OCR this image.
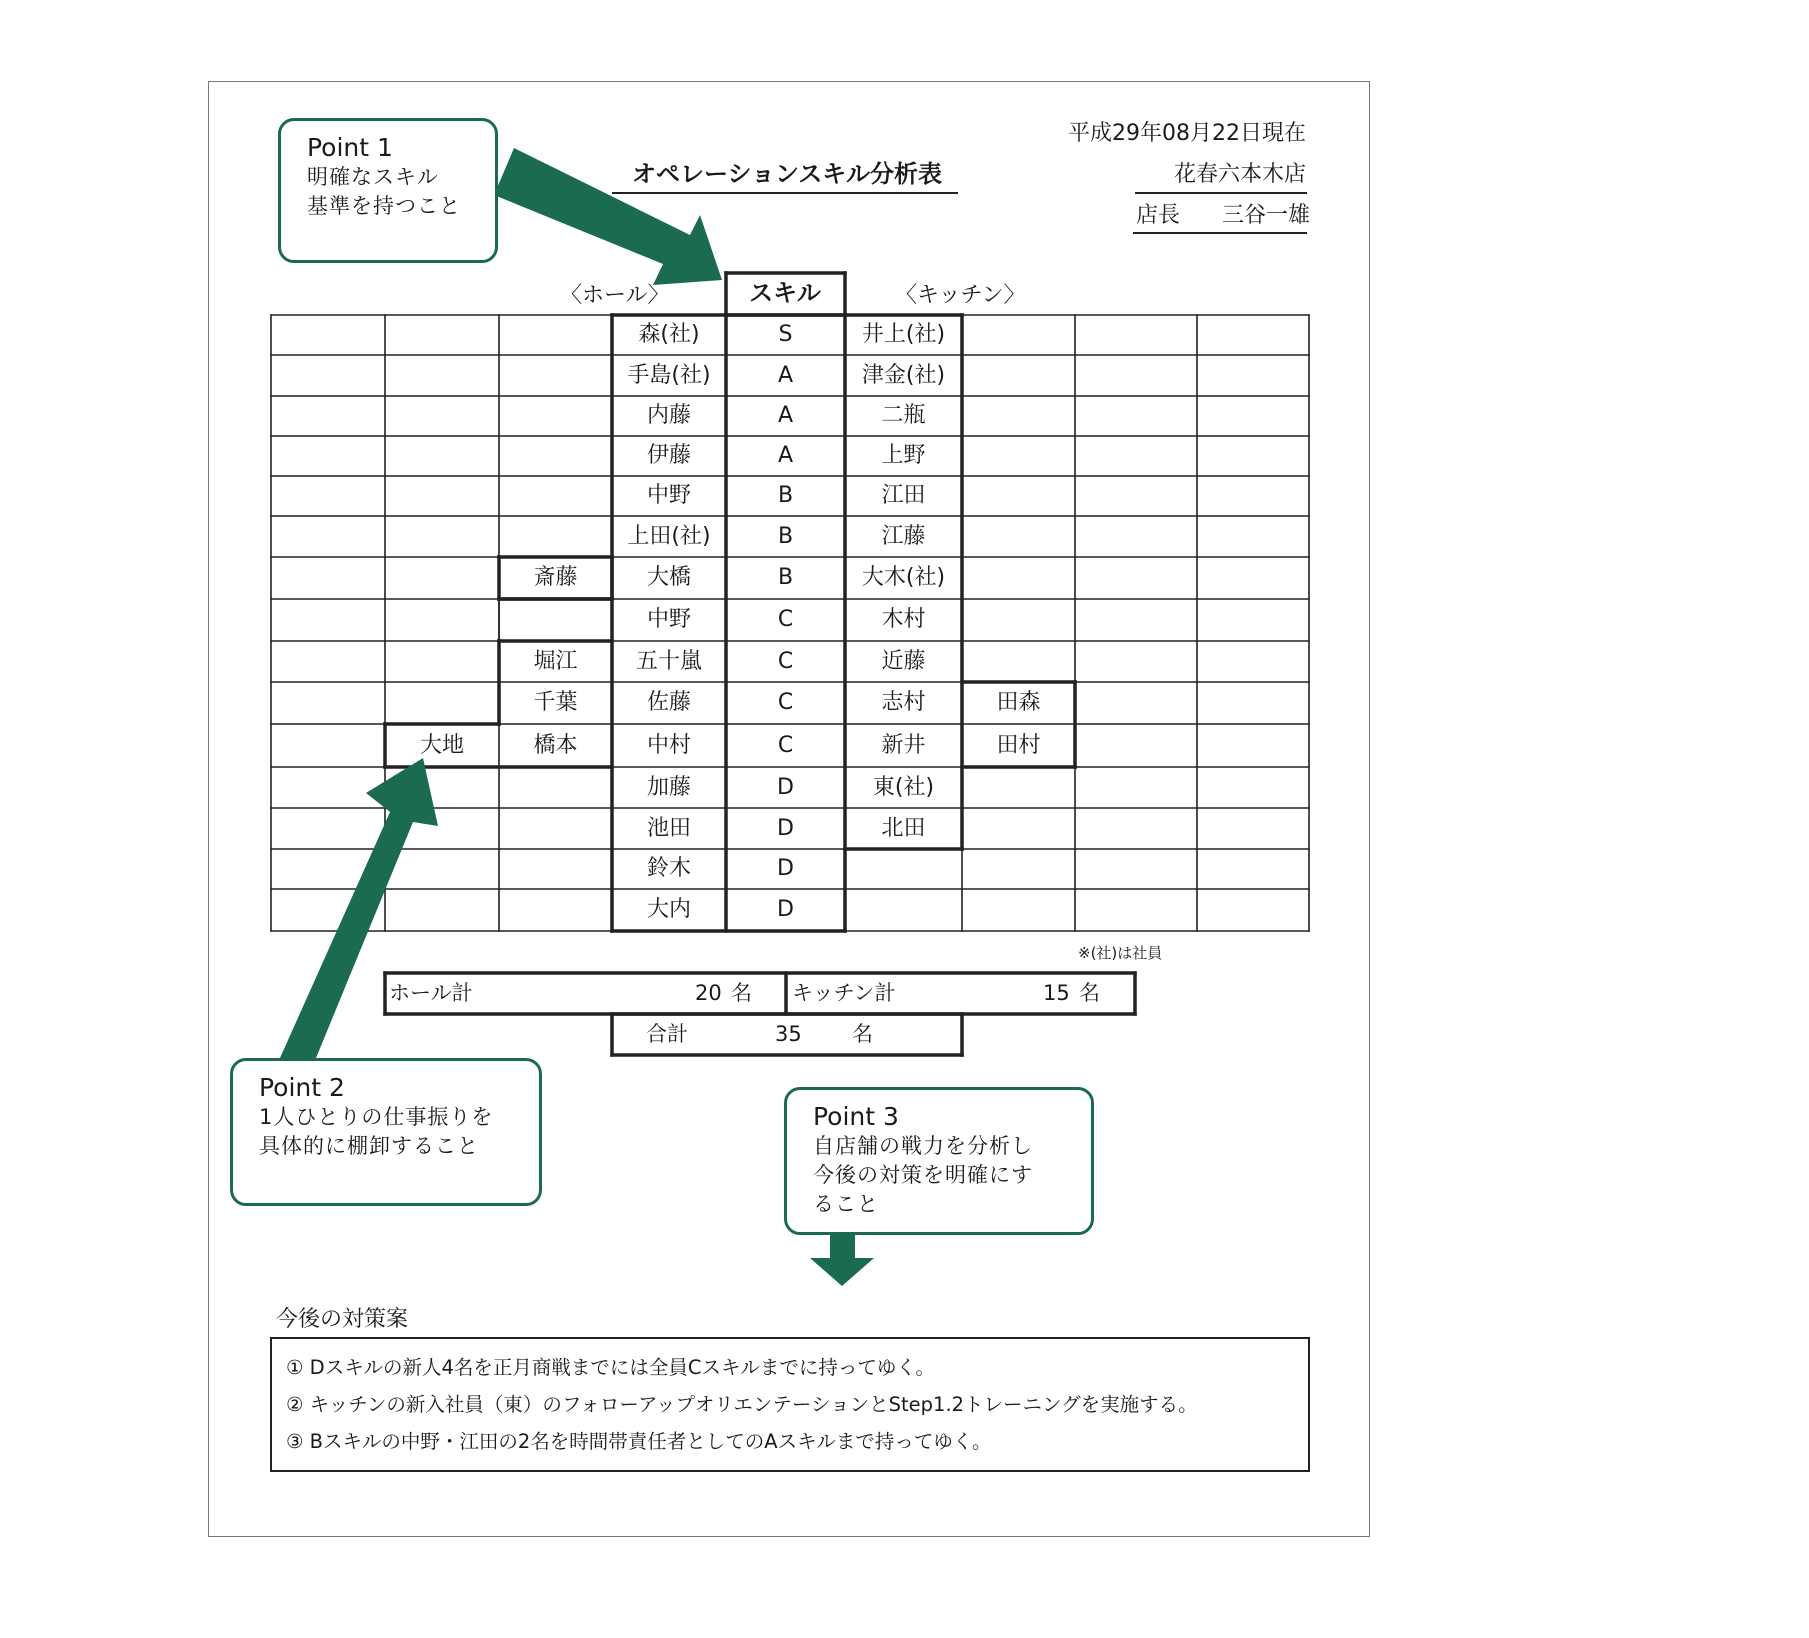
平成29年08月22日現在
花春六本木店
店長 三谷一雄
オペレーションスキル分析表
〈ホール〉	〈キッチン〉
スキル
森(社)	S	井上(社)
手島(社)	A	津金(社)
内藤	A	二瓶
伊藤	A	上野
中野	B	江田
上田(社)	B	江藤
斎藤	大橋	B	大木(社)
中野	C	木村
堀江	五十嵐	C	近藤
千葉	佐藤	C	志村	田森
大地	橋本	中村	C	新井	田村
加藤	D	東(社)
池田	D	北田
鈴木	D
大内	D
※(社)は社員
ホール計	20 名 キッチン計	15 名
合計	35 名
Point 1
明確なスキル
基準を持つこと
Point 2
1人ひとりの仕事振りを
具体的に棚卸すること
Point 3
自店舗の戦力を分析し
今後の対策を明確にす
ること
今後の対策案
① Dスキルの新人4名を正月商戦までには全員Cスキルまでに持ってゆく。
② キッチンの新入社員（東）のフォローアップオリエンテーションとStep1.2トレーニングを実施する。
③ Bスキルの中野・江田の2名を時間帯責任者としてのAスキルまで持ってゆく。
